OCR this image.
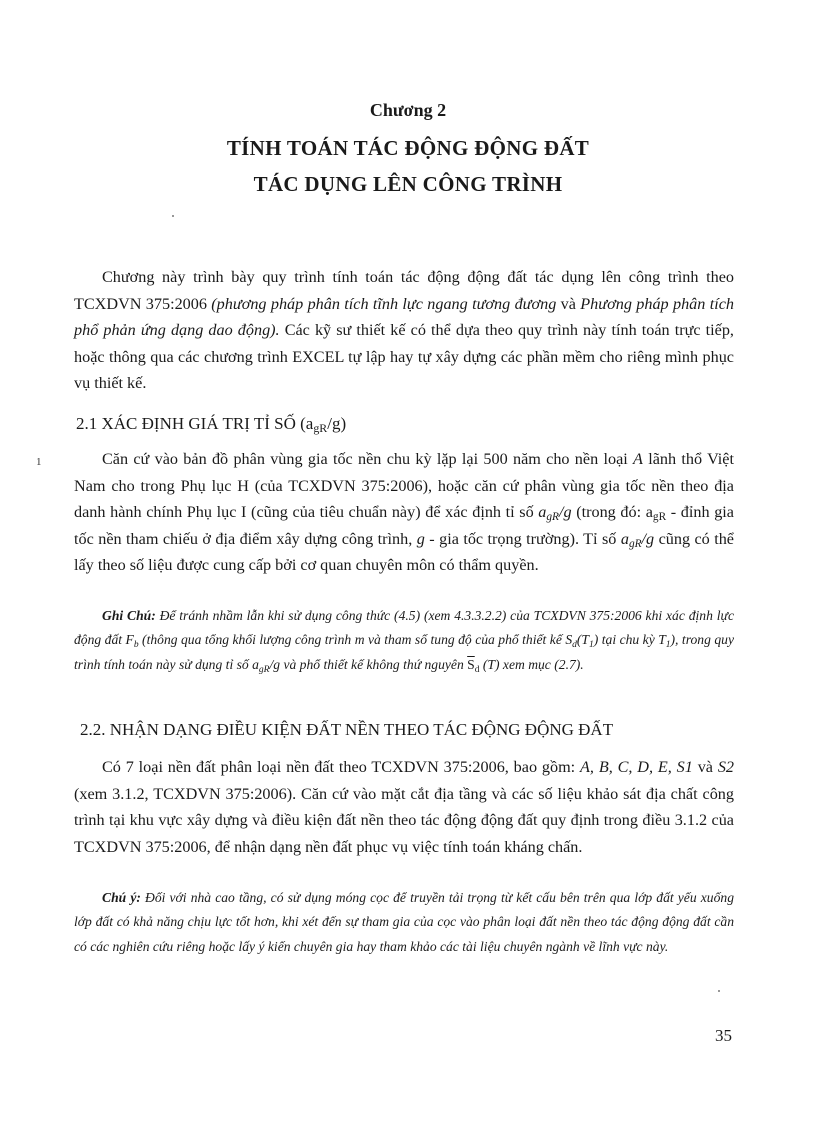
Chương 2
TÍNH TOÁN TÁC ĐỘNG ĐỘNG ĐẤT
TÁC DỤNG LÊN CÔNG TRÌNH

Chương này trình bày quy trình tính toán tác động động đất tác dụng lên công trình theo TCXDVN 375:2006 (phương pháp phân tích tĩnh lực ngang tương đương và Phương pháp phân tích phổ phản ứng dạng dao động). Các kỹ sư thiết kế có thể dựa theo quy trình này tính toán trực tiếp, hoặc thông qua các chương trình EXCEL tự lập hay tự xây dựng các phần mềm cho riêng mình phục vụ thiết kế.

2.1 XÁC ĐỊNH GIÁ TRỊ TỈ SỐ $(a_{gR}/g)$
1	Căn cứ vào bản đồ phân vùng gia tốc nền chu kỳ lặp lại 500 năm cho nền loại A lãnh thổ Việt Nam cho trong Phụ lục H (của TCXDVN 375:2006), hoặc căn cứ phân vùng gia tốc nền theo địa danh hành chính Phụ lục I (cũng của tiêu chuẩn này) để xác định tỉ số $a_{gR}/g$ (trong đó: $a_{gR}$ - đỉnh gia tốc nền tham chiếu ở địa điểm xây dựng công trình, g - gia tốc trọng trường). Tỉ số $a_{gR}/g$ cũng có thể lấy theo số liệu được cung cấp bởi cơ quan chuyên môn có thẩm quyền.

Ghi Chú: Để tránh nhầm lẫn khi sử dụng công thức (4.5) (xem 4.3.3.2.2) của TCXDVN 375:2006 khi xác định lực động đất $F_b$ (thông qua tổng khối lượng công trình m và tham số tung độ của phổ thiết kế $S_d(T_1)$ tại chu kỳ $T_1$), trong quy trình tính toán này sử dụng tỉ số $a_{gR}/g$ và phổ thiết kế không thứ nguyên $\overline{S}_d$ (T) xem mục (2.7).

2.2. NHẬN DẠNG ĐIỀU KIỆN ĐẤT NỀN THEO TÁC ĐỘNG ĐỘNG ĐẤT

Có 7 loại nền đất phân loại nền đất theo TCXDVN 375:2006, bao gồm: A, B, C, D, E, S1 và S2 (xem 3.1.2, TCXDVN 375:2006). Căn cứ vào mặt cắt địa tầng và các số liệu khảo sát địa chất công trình tại khu vực xây dựng và điều kiện đất nền theo tác động động đất quy định trong điều 3.1.2 của TCXDVN 375:2006, để nhận dạng nền đất phục vụ việc tính toán kháng chấn.

Chú ý: Đối với nhà cao tầng, có sử dụng móng cọc để truyền tải trọng từ kết cấu bên trên qua lớp đất yếu xuống lớp đất có khả năng chịu lực tốt hơn, khi xét đến sự tham gia của cọc vào phân loại đất nền theo tác động động đất cần có các nghiên cứu riêng hoặc lấy ý kiến chuyên gia hay tham khảo các tài liệu chuyên ngành về lĩnh vực này.

35
